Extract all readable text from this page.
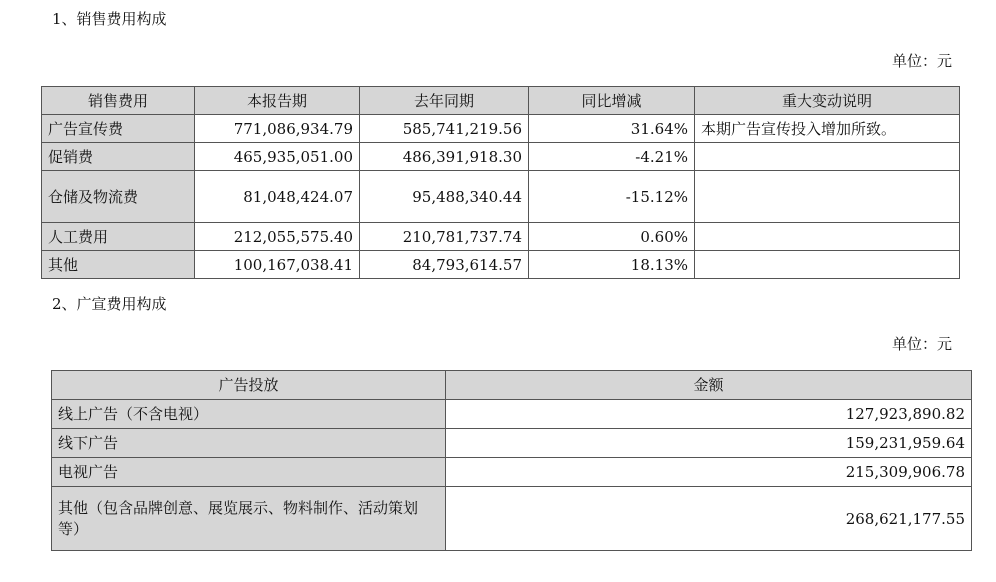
1、销售费用构成
单位：元
销售费用	本报告期	去年同期	同比增减	重大变动说明
广告宣传费	771,086,934.79	585,741,219.56	31.64%	本期广告宣传投入增加所致。
促销费	465,935,051.00	486,391,918.30	-4.21%	
仓储及物流费	81,048,424.07	95,488,340.44	-15.12%	
人工费用	212,055,575.40	210,781,737.74	0.60%	
其他	100,167,038.41	84,793,614.57	18.13%	
2、广宣费用构成
单位：元
广告投放	金额
线上广告（不含电视）	127,923,890.82
线下广告	159,231,959.64
电视广告	215,309,906.78
其他（包含品牌创意、展览展示、物料制作、活动策划等）	268,621,177.55
